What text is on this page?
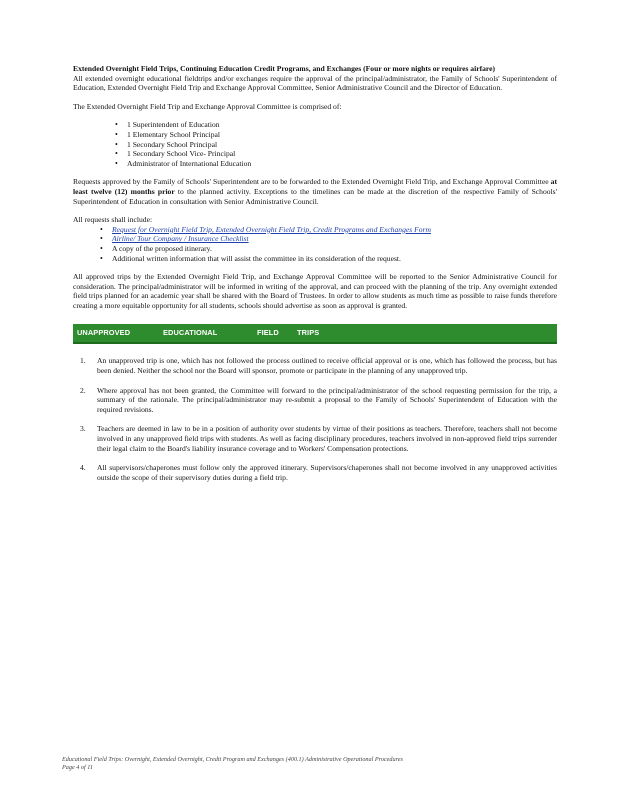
Extended Overnight Field Trips, Continuing Education Credit Programs, and Exchanges (Four or more nights or requires airfare)

All extended overnight educational fieldtrips and/or exchanges require the approval of the principal/administrator, the Family of Schools' Superintendent of Education, Extended Overnight Field Trip and Exchange Approval Committee, Senior Administrative Council and the Director of Education.

The Extended Overnight Field Trip and Exchange Approval Committee is comprised of:

• 1 Superintendent of Education
• 1 Elementary School Principal
• 1 Secondary School Principal
• 1 Secondary School Vice- Principal
• Administrator of International Education

Requests approved by the Family of Schools' Superintendent are to be forwarded to the Extended Overnight Field Trip, and Exchange Approval Committee at least twelve (12) months prior to the planned activity. Exceptions to the timelines can be made at the discretion of the respective Family of Schools' Superintendent of Education in consultation with Senior Administrative Council.

All requests shall include:

• Request for Overnight Field Trip, Extended Overnight Field Trip, Credit Programs and Exchanges Form
• Airline/ Tour Company / Insurance Checklist
• A copy of the proposed itinerary.
• Additional written information that will assist the committee in its consideration of the request.

All approved trips by the Extended Overnight Field Trip, and Exchange Approval Committee will be reported to the Senior Administrative Council for consideration. The principal/administrator will be informed in writing of the approval, and can proceed with the planning of the trip. Any overnight extended field trips planned for an academic year shall be shared with the Board of Trustees. In order to allow students as much time as possible to raise funds therefore creating a more equitable opportunity for all students, schools should advertise as soon as approval is granted.

UNAPPROVED	EDUCATIONAL	FIELD TRIPS
1. An unapproved trip is one, which has not followed the process outlined to receive official approval or is one, which has followed the process, but has been denied. Neither the school nor the Board will sponsor, promote or participate in the planning of any unapproved trip.
2. Where approval has not been granted, the Committee will forward to the principal/administrator of the school requesting permission for the trip, a summary of the rationale. The principal/administrator may re-submit a proposal to the Family of Schools' Superintendent of Education with the required revisions.
3. Teachers are deemed in law to be in a position of authority over students by virtue of their positions as teachers. Therefore, teachers shall not become involved in any unapproved field trips with students. As well as facing disciplinary procedures, teachers involved in non-approved field trips surrender their legal claim to the Board's liability insurance coverage and to Workers' Compensation protections.
4. All supervisors/chaperones must follow only the approved itinerary. Supervisors/chaperones shall not become involved in any unapproved activities outside the scope of their supervisory duties during a field trip.
Educational Field Trips: Overnight, Extended Overnight, Credit Program and Exchanges (400.1) Administrative Operational Procedures
Page 4 of 11
